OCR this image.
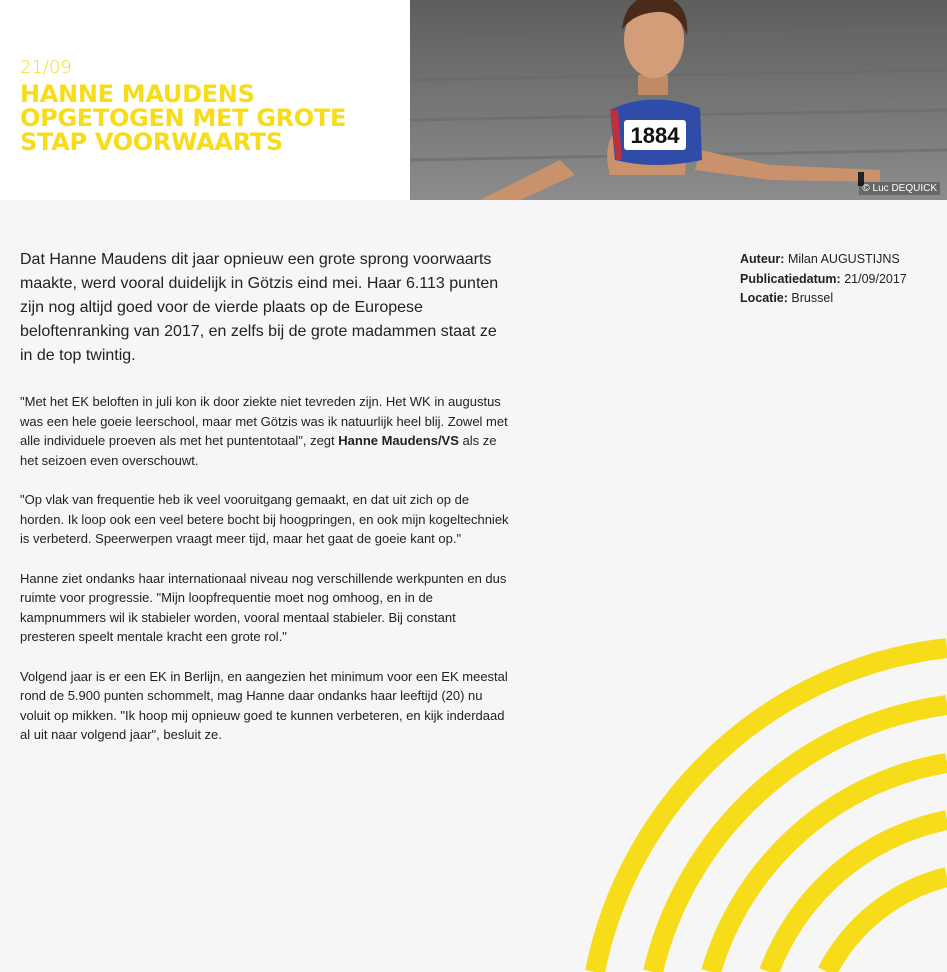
21/09
HANNE MAUDENS OPGETOGEN MET GROTE STAP VOORWAARTS	1884
© Luc DEQUICK

Dat Hanne Maudens dit jaar opnieuw een grote sprong voorwaarts maakte, werd vooral duidelijk in Götzis eind mei. Haar 6.113 punten zijn nog altijd goed voor de vierde plaats op de Europese beloftenranking van 2017, en zelfs bij de grote madammen staat ze in de top twintig.

"Met het EK beloften in juli kon ik door ziekte niet tevreden zijn. Het WK in augustus was een hele goeie leerschool, maar met Götzis was ik natuurlijk heel blij. Zowel met alle individuele proeven als met het puntentotaal", zegt Hanne Maudens/VS als ze het seizoen even overschouwt.

"Op vlak van frequentie heb ik veel vooruitgang gemaakt, en dat uit zich op de horden. Ik loop ook een veel betere bocht bij hoogpringen, en ook mijn kogeltechniek is verbeterd. Speerwerpen vraagt meer tijd, maar het gaat de goeie kant op."

Hanne ziet ondanks haar internationaal niveau nog verschillende werkpunten en dus ruimte voor progressie. "Mijn loopfrequentie moet nog omhoog, en in de kampnummers wil ik stabieler worden, vooral mentaal stabieler. Bij constant presteren speelt mentale kracht een grote rol."

Volgend jaar is er een EK in Berlijn, en aangezien het minimum voor een EK meestal rond de 5.900 punten schommelt, mag Hanne daar ondanks haar leeftijd (20) nu voluit op mikken. "Ik hoop mij opnieuw goed te kunnen verbeteren, en kijk inderdaad al uit naar volgend jaar", besluit ze.

Auteur: Milan AUGUSTIJNS
Publicatiedatum: 21/09/2017
Locatie: Brussel
